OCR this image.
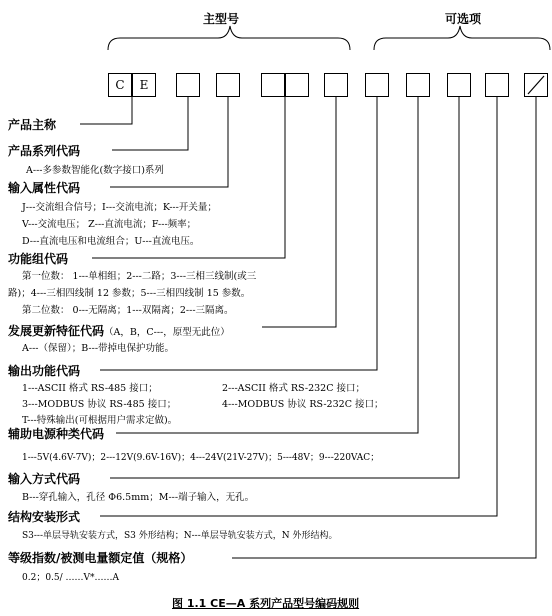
主型号	可选项
C	E
产品主称
产品系列代码
A---多参数智能化(数字接口)系列
输入属性代码
J---交流组合信号；I---交流电流；K---开关量；
V---交流电压； Z---直流电流；F---频率；
D---直流电压和电流组合；U---直流电压。
功能组代码
第一位数： 1---单相组；2---二路；3---三相三线制(或三
路)；4---三相四线制 12 参数；5---三相四线制 15 参数。
第二位数： 0---无隔离；1---双隔离；2---三隔离。
发展更新特征代码（A，B，C---，原型无此位）
A---（保留）；B---带掉电保护功能。
输出功能代码
1---ASCII 格式 RS-485 接口；
3---MODBUS 协议 RS-485 接口；
T---特殊输出(可根据用户需求定做)。
2---ASCII 格式 RS-232C 接口；
4---MODBUS 协议 RS-232C 接口；
辅助电源种类代码
1---5V(4.6V-7V)；2---12V(9.6V-16V)；4---24V(21V-27V)；5---48V；9---220VAC；
输入方式代码
B---穿孔输入，孔径 Φ6.5mm；M---端子输入，无孔。
结构安装形式
S3---单层导轨安装方式，S3 外形结构；N---单层导轨安装方式，N 外形结构。
等级指数/被测电量额定值（规格）
0.2；0.5/ ……V*……A
图 1.1 CE—A 系列产品型号编码规则
